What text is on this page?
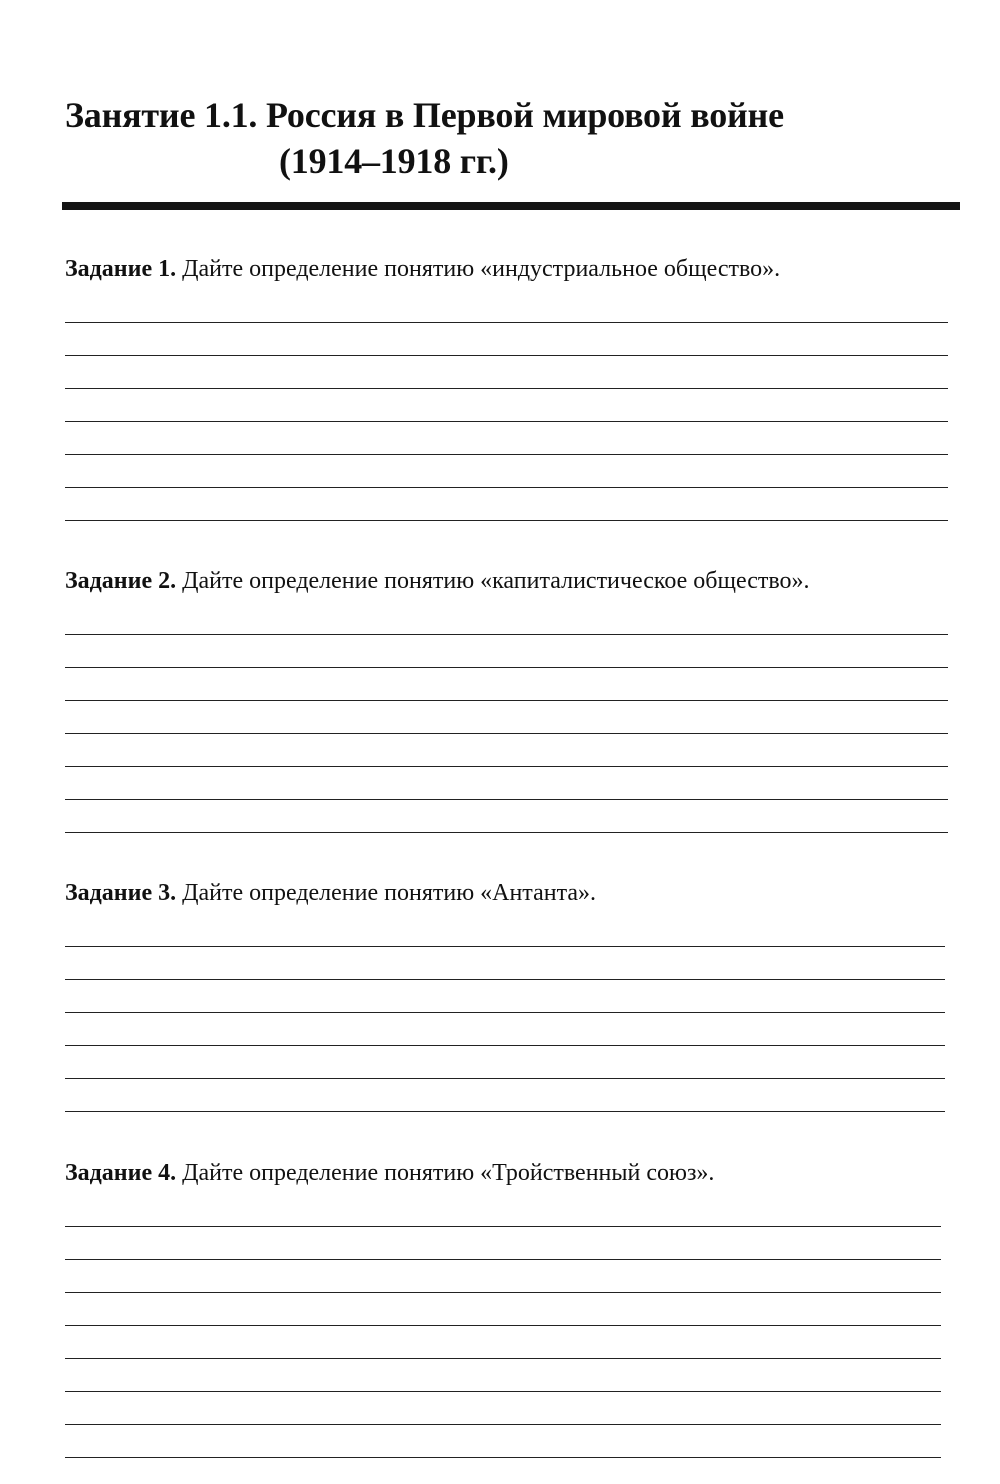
Занятие 1.1. Россия в Первой мировой войне
(1914–1918 гг.)

Задание 1. Дайте определение понятию «индустриальное общество».

Задание 2. Дайте определение понятию «капиталистическое общество».

Задание 3. Дайте определение понятию «Антанта».

Задание 4. Дайте определение понятию «Тройственный союз».
